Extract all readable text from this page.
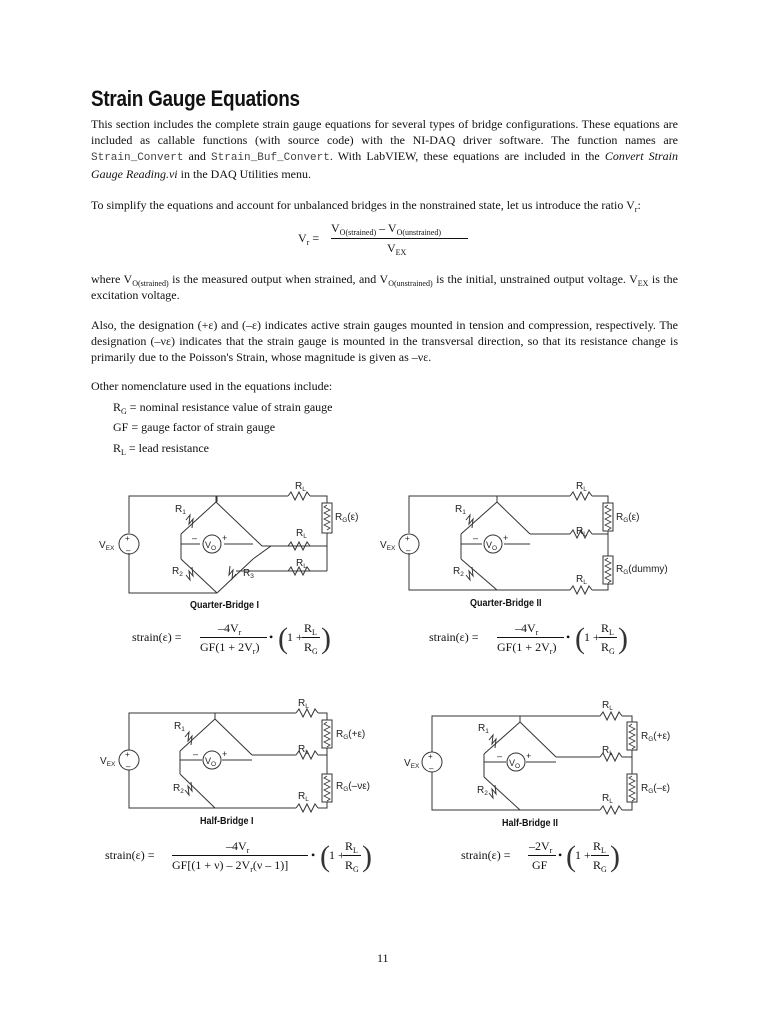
Strain Gauge Equations

This section includes the complete strain gauge equations for several types of bridge configurations. These equations are included as callable functions (with source code) with the NI-DAQ driver software. The function names are Strain_Convert and Strain_Buf_Convert. With LabVIEW, these equations are included in the Convert Strain Gauge Reading.vi in the DAQ Utilities menu.

To simplify the equations and account for unbalanced bridges in the nonstrained state, let us introduce the ratio $V_r$:

$V_r$ =
$V_{O(strained)} - V_{O(unstrained)}$
$V_{EX}$

where $V_{O(strained)}$ is the measured output when strained, and $V_{O(unstrained)}$ is the initial, unstrained output voltage. $V_{EX}$ is the excitation voltage.

Also, the designation (+ε) and (–ε) indicates active strain gauges mounted in tension and compression, respectively. The designation (–νε) indicates that the strain gauge is mounted in the transversal direction, so that its resistance change is primarily due to the Poisson's Strain, whose magnitude is given as –νε.

Other nomenclature used in the equations include:

$R_G$ = nominal resistance value of strain gauge
GF = gauge factor of strain gauge
$R_L$ = lead resistance
$R_L$
$R_1$	$R_G(\varepsilon)$
$R_L$
$R_L$
$V_{EX}$
+
–
$V_O$
–	+
$R_2$	$R_3$
$R_L$
$R_1$	$R_G(\varepsilon)$
$R_L$
$R_G(dummy)$
$R_L$
$V_{EX}$
+
–
$V_O$
–	+
$R_2$
$R_L$
$R_1$	$R_G(+\varepsilon)$
$R_L$
$R_G(-\nu\varepsilon)$
$R_L$
$V_{EX}$
+
–
$V_O$
–	+
$R_2$
$R_L$
$R_1$	$R_G(+\varepsilon)$
$R_L$
$R_G(-\varepsilon)$
$R_L$
$V_{EX}$
+
–
$V_O$
–	+
$R_2$
Quarter-Bridge I	Quarter-Bridge II
Half-Bridge I	Half-Bridge II
strain(ε) =
$-4V_r$
$GF(1 + 2V_r)$
• ( 1 +
$R_L$
$R_G$ )	strain(ε) =
$-4V_r$
$GF(1 + 2V_r)$
• ( 1 +
$R_L$
$R_G$ )
strain(ε) =
$-4V_r$
$GF[(1 + \nu) - 2V_r(\nu - 1)]$
• ( 1 +
$R_L$
$R_G$ )	strain(ε) =
$-2V_r$
GF
• ( 1 +
$R_L$
$R_G$ )
11
